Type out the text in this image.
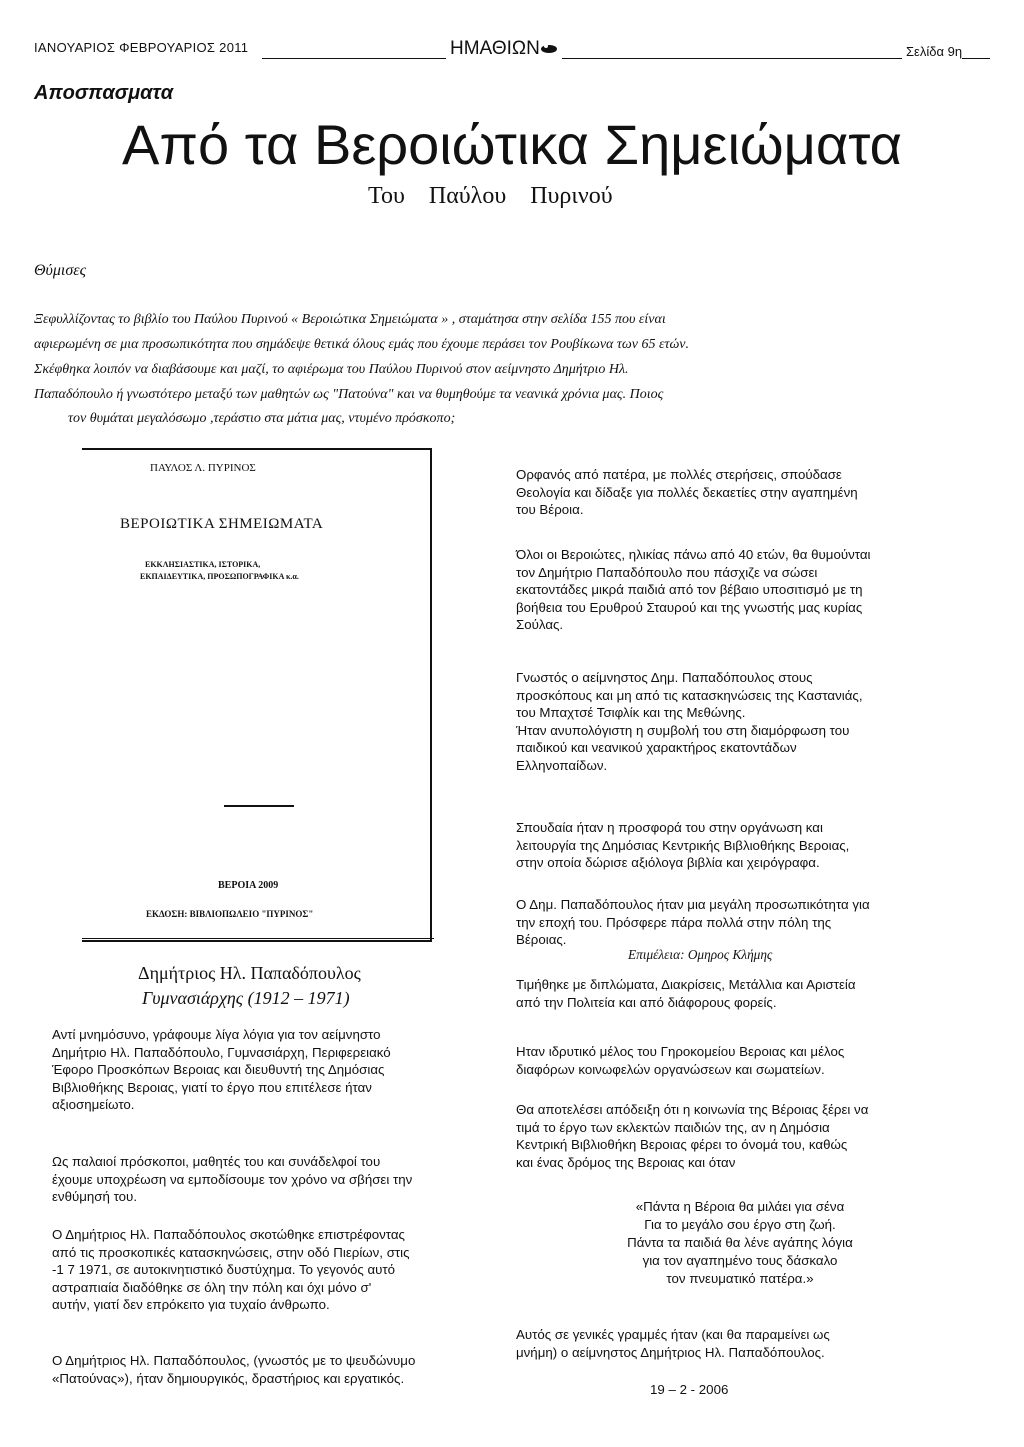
ΙΑΝΟΥΑΡΙΟΣ ΦΕΒΡΟΥΑΡΙΟΣ 2011	ΗΜΑΘΙΩΝ	Σελίδα 9η
Αποσπασματα
Από τα Βεροιώτικα Σημειώματα
Του Παύλου Πυρινού
Θύμισες
Ξεφυλλίζοντας το βιβλίο του Παύλου Πυρινού « Βεροιώτικα Σημειώματα » , σταμάτησα στην σελίδα 155 που είναι
αφιερωμένη σε μια προσωπικότητα που σημάδεψε θετικά όλους εμάς που έχουμε περάσει τον Ρουβίκωνα των 65 ετών.
Σκέφθηκα λοιπόν να διαβάσουμε και μαζί, το αφιέρωμα του Παύλου Πυρινού στον αείμνηστο Δημήτριο Ηλ.
Παπαδόπουλο ή γνωστότερο μεταξύ των μαθητών ως "Πατούνα" και να θυμηθούμε τα νεανικά χρόνια μας. Ποιος
τον θυμάται μεγαλόσωμο ,τεράστιο στα μάτια μας, ντυμένο πρόσκοπο;
ΠΑΥΛΟΣ Λ. ΠΥΡΙΝΟΣ
ΒΕΡΟΙΩΤΙΚΑ ΣΗΜΕΙΩΜΑΤΑ
ΕΚΚΛΗΣΙΑΣΤΙΚΑ, ΙΣΤΟΡΙΚΑ,
ΕΚΠΑΙΔΕΥΤΙΚΑ, ΠΡΟΣΩΠΟΓΡΑΦΙΚΑ κ.α.
ΒΕΡΟΙΑ 2009
ΕΚΔΟΣΗ: ΒΙΒΛΙΟΠΩΛΕΙΟ "ΠΥΡΙΝΟΣ"
Δημήτριος Ηλ. Παπαδόπουλος
Γυμνασιάρχης (1912 – 1971)
Αντί μνημόσυνο, γράφουμε λίγα λόγια για τον αείμνηστο
Δημήτριο Ηλ. Παπαδόπουλο, Γυμνασιάρχη, Περιφερειακό
Έφορο Προσκόπων Βεροιας και διευθυντή της Δημόσιας
Βιβλιοθήκης Βεροιας, γιατί το έργο που επιτέλεσε ήταν
αξιοσημείωτο.
Ως παλαιοί πρόσκοποι, μαθητές του και συνάδελφοί του
έχουμε υποχρέωση να εμποδίσουμε τον χρόνο να σβήσει την
ενθύμησή του.
Ο Δημήτριος Ηλ. Παπαδόπουλος σκοτώθηκε επιστρέφοντας
από τις προσκοπικές κατασκηνώσεις, στην οδό Πιερίων, στις
-1 7 1971, σε αυτοκινητιστικό δυστύχημα. Το γεγονός αυτό
αστραπιαία διαδόθηκε σε όλη την πόλη και όχι μόνο σ'
αυτήν, γιατί δεν επρόκειτο για τυχαίο άνθρωπο.
Ο Δημήτριος Ηλ. Παπαδόπουλος, (γνωστός με το ψευδώνυμο
«Πατούνας»), ήταν δημιουργικός, δραστήριος και εργατικός.
Ορφανός από πατέρα, με πολλές στερήσεις, σπούδασε
Θεολογία και δίδαξε για πολλές δεκαετίες στην αγαπημένη
του Βέροια.
Όλοι οι Βεροιώτες, ηλικίας πάνω από 40 ετών, θα θυμούνται
τον Δημήτριο Παπαδόπουλο που πάσχιζε να σώσει
εκατοντάδες μικρά παιδιά από τον βέβαιο υποσιτισμό με τη
βοήθεια του Ερυθρού Σταυρού και της γνωστής μας κυρίας
Σούλας.
Γνωστός ο αείμνηστος Δημ. Παπαδόπουλος στους
προσκόπους και μη από τις κατασκηνώσεις της Καστανιάς,
του Μπαχτσέ Τσιφλίκ και της Μεθώνης.
Ήταν ανυπολόγιστη η συμβολή του στη διαμόρφωση του
παιδικού και νεανικού χαρακτήρος εκατοντάδων
Ελληνοπαίδων.
Σπουδαία ήταν η προσφορά του στην οργάνωση και
λειτουργία της Δημόσιας Κεντρικής Βιβλιοθήκης Βεροιας,
στην οποία δώρισε αξιόλογα βιβλία και χειρόγραφα.
Ο Δημ. Παπαδόπουλος ήταν μια μεγάλη προσωπικότητα για
την εποχή του. Πρόσφερε πάρα πολλά στην πόλη της
Βέροιας.
Επιμέλεια: Ομηρος Κλήμης
Τιμήθηκε με διπλώματα, Διακρίσεις, Μετάλλια και Αριστεία
από την Πολιτεία και από διάφορους φορείς.
Ηταν ιδρυτικό μέλος του Γηροκομείου Βεροιας και μέλος
διαφόρων κοινωφελών οργανώσεων και σωματείων.
Θα αποτελέσει απόδειξη ότι η κοινωνία της Βέροιας ξέρει να
τιμά το έργο των εκλεκτών παιδιών της, αν η Δημόσια
Κεντρική Βιβλιοθήκη Βεροιας φέρει το όνομά του, καθώς
και ένας δρόμος της Βεροιας και όταν
«Πάντα η Βέροια θα μιλάει για σένα
Για το μεγάλο σου έργο στη ζωή.
Πάντα τα παιδιά θα λένε αγάπης λόγια
για τον αγαπημένο τους δάσκαλο
τον πνευματικό πατέρα.»
Αυτός σε γενικές γραμμές ήταν (και θα παραμείνει ως
μνήμη) ο αείμνηστος Δημήτριος Ηλ. Παπαδόπουλος.
19 – 2 - 2006
